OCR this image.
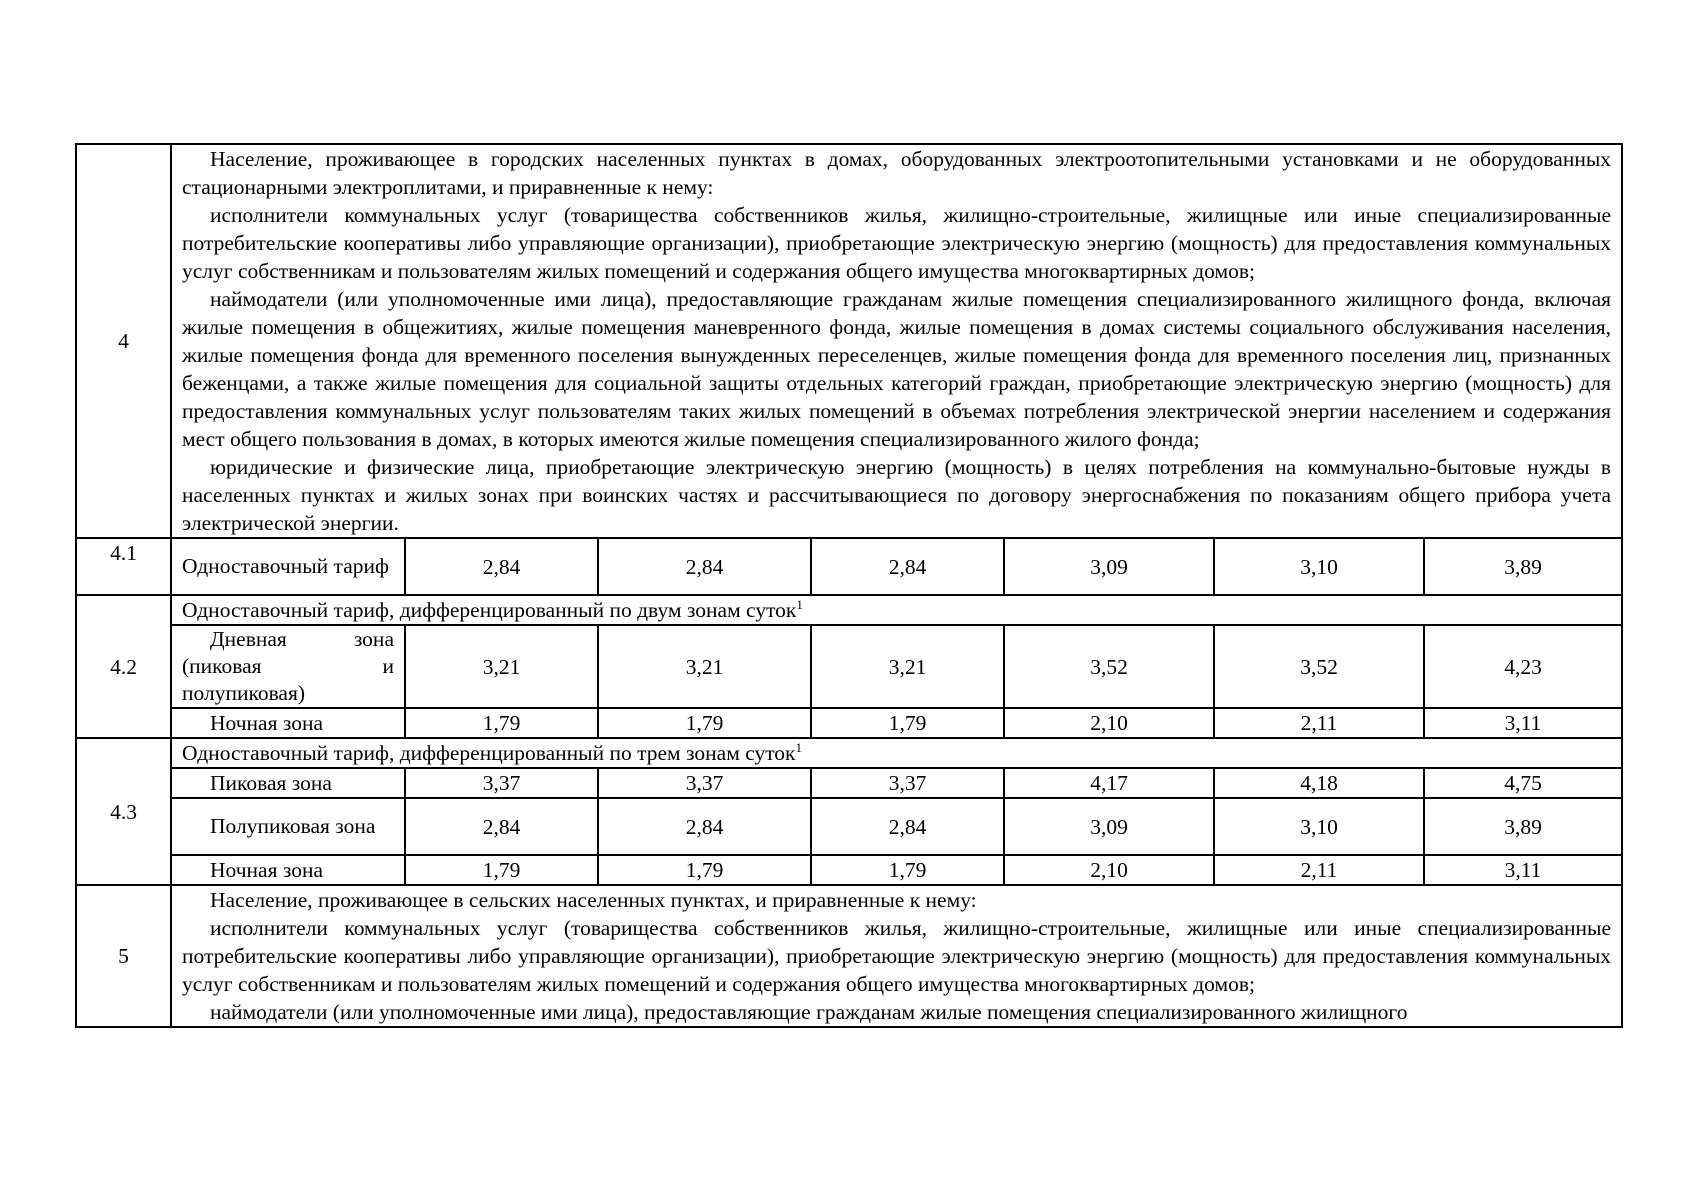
4	Население, проживающее в городских населенных пунктах в домах, оборудованных электроотопительными установками и не оборудованных стационарными электроплитами, и приравненные к нему:

исполнители коммунальных услуг (товарищества собственников жилья, жилищно-строительные, жилищные или иные специализированные потребительские кооперативы либо управляющие организации), приобретающие электрическую энергию (мощность) для предоставления коммунальных услуг собственникам и пользователям жилых помещений и содержания общего имущества многоквартирных домов;

наймодатели (или уполномоченные ими лица), предоставляющие гражданам жилые помещения специализированного жилищного фонда, включая жилые помещения в общежитиях, жилые помещения маневренного фонда, жилые помещения в домах системы социального обслуживания населения, жилые помещения фонда для временного поселения вынужденных переселенцев, жилые помещения фонда для временного поселения лиц, признанных беженцами, а также жилые помещения для социальной защиты отдельных категорий граждан, приобретающие электрическую энергию (мощность) для предоставления коммунальных услуг пользователям таких жилых помещений в объемах потребления электрической энергии населением и содержания мест общего пользования в домах, в которых имеются жилые помещения специализированного жилого фонда;

юридические и физические лица, приобретающие электрическую энергию (мощность) в целях потребления на коммунально-бытовые нужды в населенных пунктах и жилых зонах при воинских частях и рассчитывающиеся по договору энергоснабжения по показаниям общего прибора учета электрической энергии.						

4.1	Одноставочный тариф	2,84	2,84	2,84	3,09	3,10	3,89
4.2	Одноставочный тариф, дифференцированный по двум зонам суток$^1$

	Дневная зона (пиковая и полупиковая)	3,21	3,21	3,21	3,52	3,52	4,23
	Ночная зона	1,79	1,79	1,79	2,10	2,11	3,11
4.3	Одноставочный тариф, дифференцированный по трем зонам суток$^1$
	Пиковая зона	3,37	3,37	3,37	4,17	4,18	4,75
	Полупиковая зона	2,84	2,84	2,84	3,09	3,10	3,89
	Ночная зона	1,79	1,79	1,79	2,10	2,11	3,11
5	Население, проживающее в сельских населенных пунктах, и приравненные к нему:

исполнители коммунальных услуг (товарищества собственников жилья, жилищно-строительные, жилищные или иные специализированные потребительские кооперативы либо управляющие организации), приобретающие электрическую энергию (мощность) для предоставления коммунальных услуг собственникам и пользователям жилых помещений и содержания общего имущества многоквартирных домов;

наймодатели (или уполномоченные ими лица), предоставляющие гражданам жилые помещения специализированного жилищного						
